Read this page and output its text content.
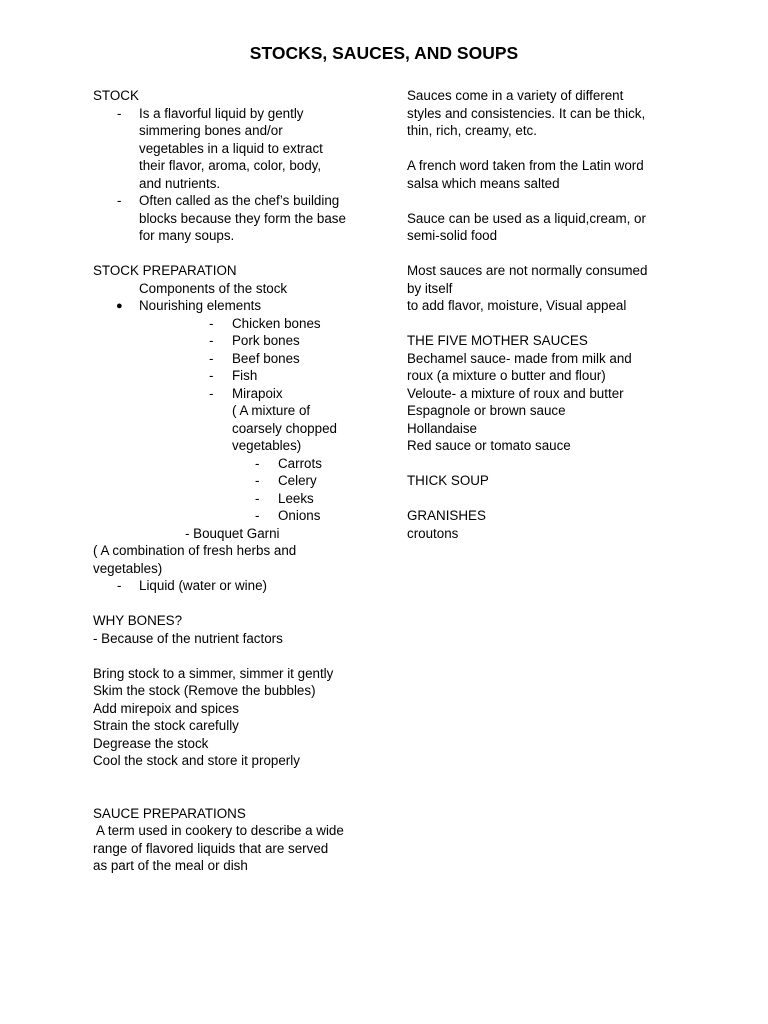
STOCKS, SAUCES, AND SOUPS
STOCK
- Is a flavorful liquid by gently
simmering bones and/or
vegetables in a liquid to extract
their flavor, aroma, color, body,
and nutrients.
- Often called as the chef’s building
blocks because they form the base
for many soups.
STOCK PREPARATION
Components of the stock
● Nourishing elements
- Chicken bones
- Pork bones
- Beef bones
- Fish
- Mirapoix
( A mixture of
coarsely chopped
vegetables)
- Carrots
- Celery
- Leeks
- Onions
- Bouquet Garni
( A combination of fresh herbs and
vegetables)
- Liquid (water or wine)
WHY BONES?
- Because of the nutrient factors
Bring stock to a simmer, simmer it gently
Skim the stock (Remove the bubbles)
Add mirepoix and spices
Strain the stock carefully
Degrease the stock
Cool the stock and store it properly
SAUCE PREPARATIONS
A term used in cookery to describe a wide
range of flavored liquids that are served
as part of the meal or dish
Sauces come in a variety of different
styles and consistencies. It can be thick,
thin, rich, creamy, etc.
A french word taken from the Latin word
salsa which means salted
Sauce can be used as a liquid,cream, or
semi-solid food
Most sauces are not normally consumed
by itself
to add flavor, moisture, Visual appeal
THE FIVE MOTHER SAUCES
Bechamel sauce- made from milk and
roux (a mixture o butter and flour)
Veloute- a mixture of roux and butter
Espagnole or brown sauce
Hollandaise
Red sauce or tomato sauce
THICK SOUP
GRANISHES
croutons
